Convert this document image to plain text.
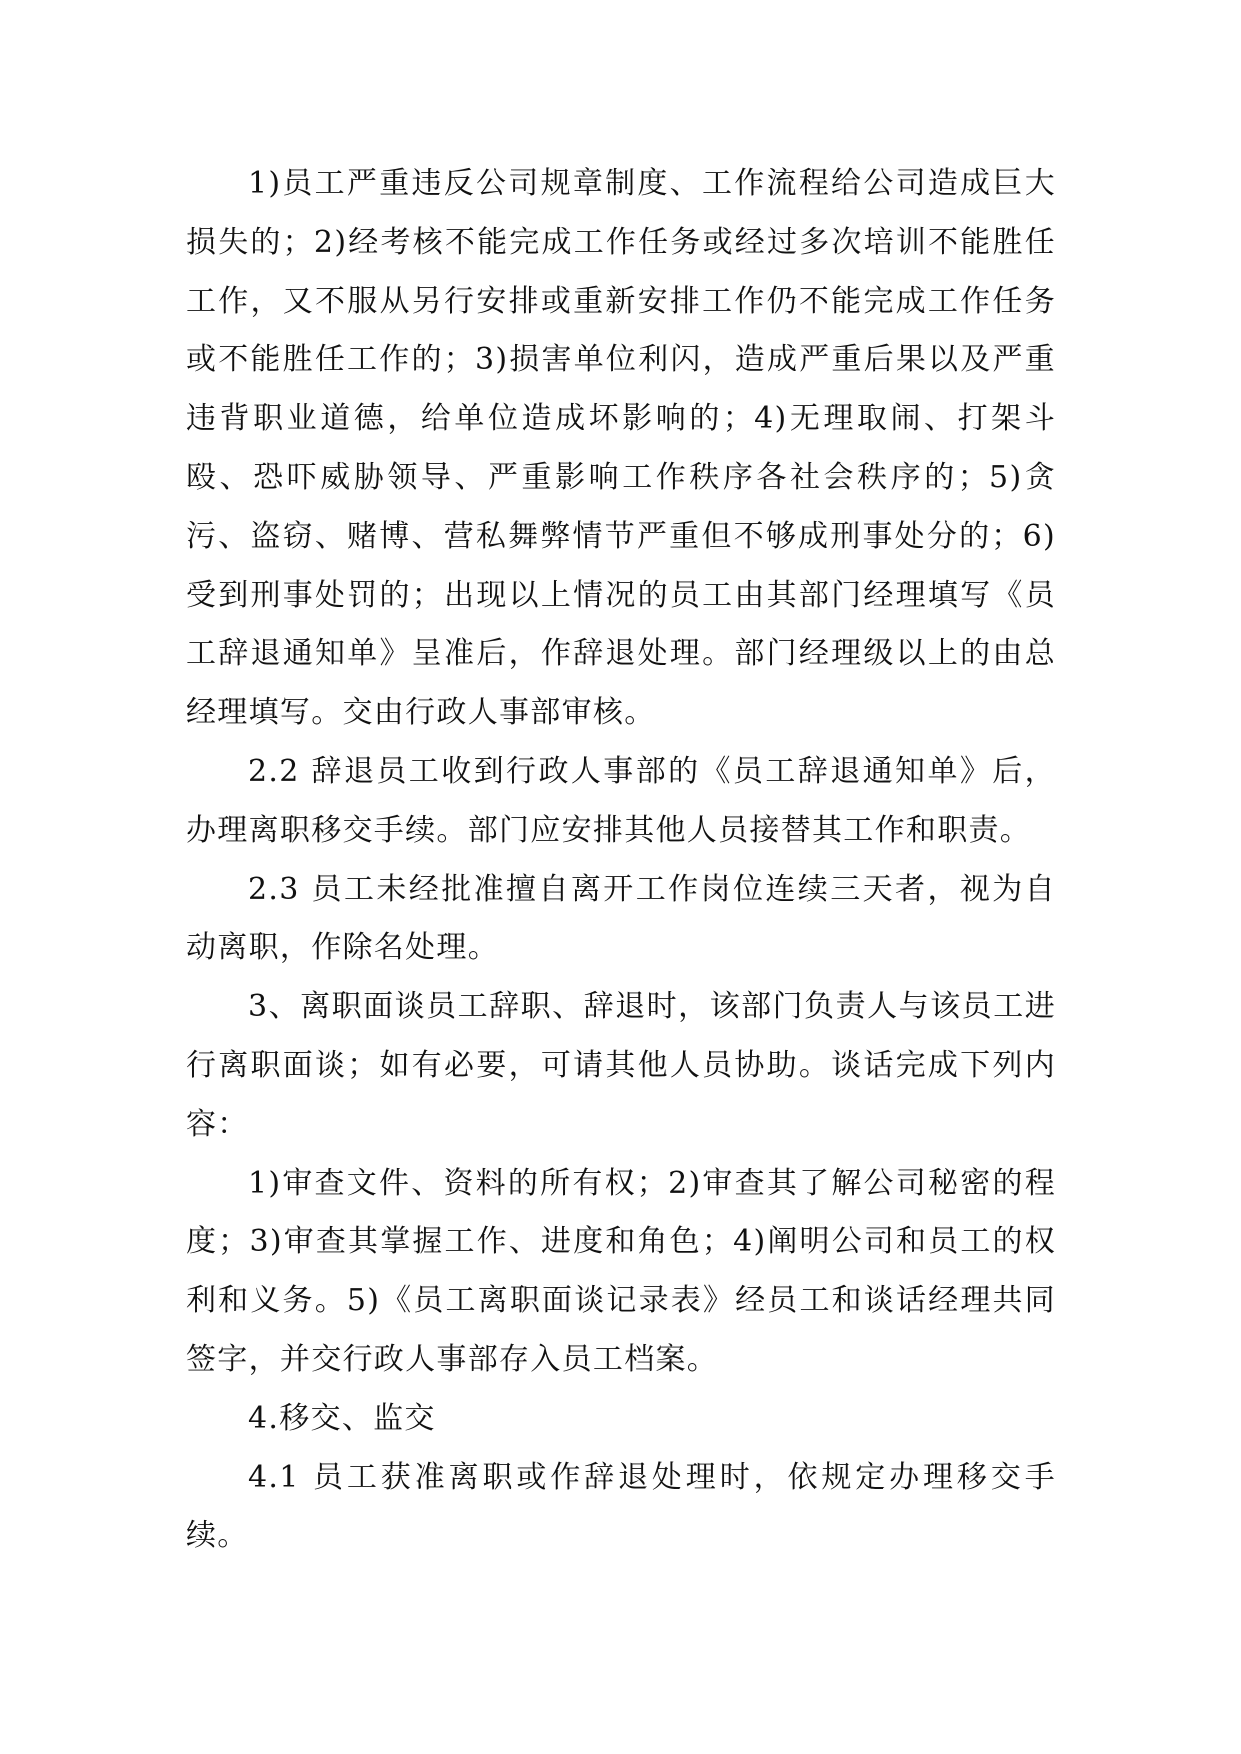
1)员工严重违反公司规章制度、工作流程给公司造成巨大损失的；2)经考核不能完成工作任务或经过多次培训不能胜任工作，又不服从另行安排或重新安排工作仍不能完成工作任务或不能胜任工作的；3)损害单位利闪，造成严重后果以及严重违背职业道德，给单位造成坏影响的；4)无理取闹、打架斗殴、恐吓威胁领导、严重影响工作秩序各社会秩序的；5)贪污、盗窃、赌博、营私舞弊情节严重但不够成刑事处分的；6)受到刑事处罚的；出现以上情况的员工由其部门经理填写《员工辞退通知单》呈准后，作辞退处理。部门经理级以上的由总经理填写。交由行政人事部审核。

2.2 辞退员工收到行政人事部的《员工辞退通知单》后，办理离职移交手续。部门应安排其他人员接替其工作和职责。

2.3 员工未经批准擅自离开工作岗位连续三天者，视为自动离职，作除名处理。

3、离职面谈员工辞职、辞退时，该部门负责人与该员工进行离职面谈；如有必要，可请其他人员协助。谈话完成下列内容：

1)审查文件、资料的所有权；2)审查其了解公司秘密的程度；3)审查其掌握工作、进度和角色；4)阐明公司和员工的权利和义务。5)《员工离职面谈记录表》经员工和谈话经理共同签字，并交行政人事部存入员工档案。

4.移交、监交

4.1 员工获准离职或作辞退处理时，依规定办理移交手续。
